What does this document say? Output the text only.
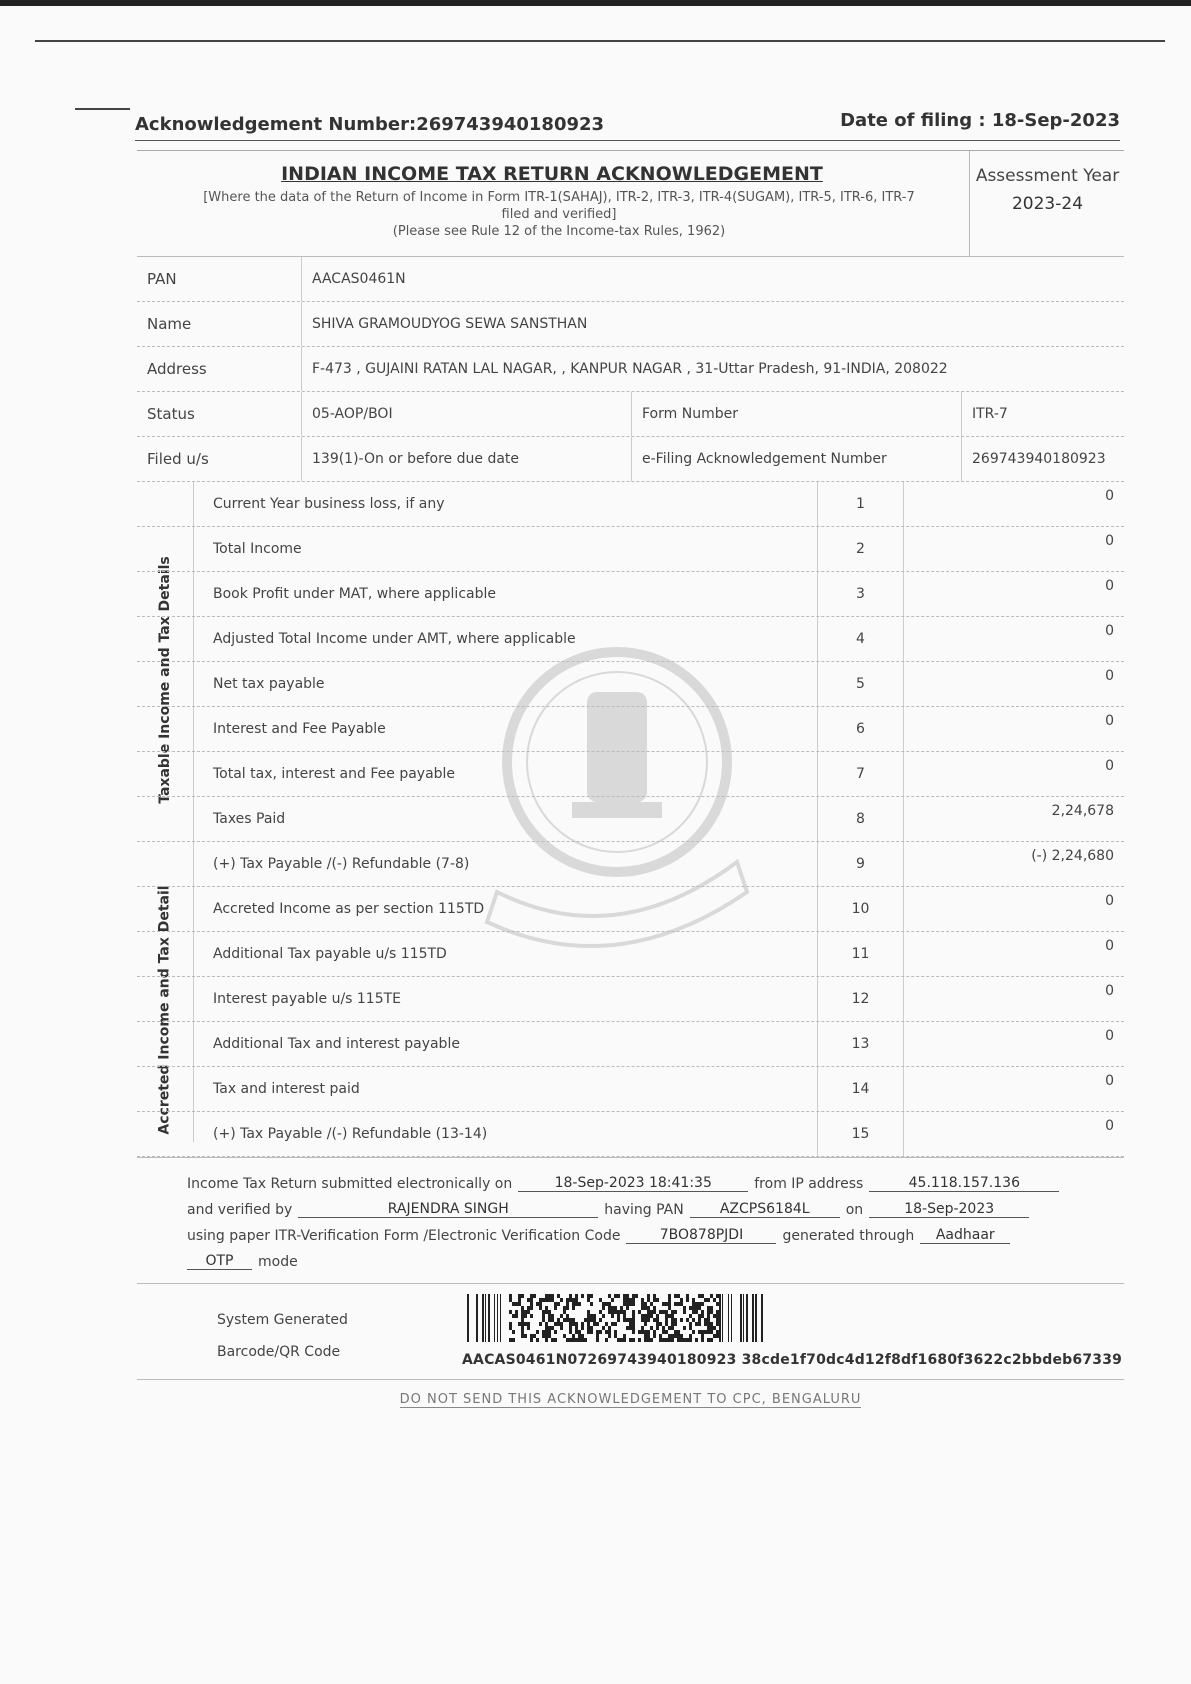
Acknowledgement Number:269743940180923	Date of filing : 18-Sep-2023
INDIAN INCOME TAX RETURN ACKNOWLEDGEMENT
[Where the data of the Return of Income in Form ITR-1(SAHAJ), ITR-2, ITR-3, ITR-4(SUGAM), ITR-5, ITR-6, ITR-7
filed and verified]
(Please see Rule 12 of the Income-tax Rules, 1962)
Assessment Year
2023-24
PAN	AACAS0461N
Name	SHIVA GRAMOUDYOG SEWA SANSTHAN
Address	F-473 , GUJAINI RATAN LAL NAGAR, , KANPUR NAGAR , 31-Uttar Pradesh, 91-INDIA, 208022
Status	05-AOP/BOI	Form Number	ITR-7
Filed u/s	139(1)-On or before due date	e-Filing Acknowledgement Number	269743940180923
Taxable Income and Tax Details
Accreted Income and Tax Detail
Current Year business loss, if any	1	0
Total Income	2	0
Book Profit under MAT, where applicable	3	0
Adjusted Total Income under AMT, where applicable	4	0
Net tax payable	5	0
Interest and Fee Payable	6	0
Total tax, interest and Fee payable	7	0
Taxes Paid	8	2,24,678
(+) Tax Payable /(-) Refundable (7-8)	9	(-) 2,24,680
Accreted Income as per section 115TD	10	0
Additional Tax payable u/s 115TD	11	0
Interest payable u/s 115TE	12	0
Additional Tax and interest payable	13	0
Tax and interest paid	14	0
(+) Tax Payable /(-) Refundable (13-14)	15	0
Income Tax Return submitted electronically on	18-Sep-2023 18:41:35	from IP address	45.118.157.136
and verified by	RAJENDRA SINGH	having PAN	AZCPS6184L	on	18-Sep-2023
using paper ITR-Verification Form /Electronic Verification Code	7BO878PJDI	generated through	Aadhaar
OTP	mode
System Generated
Barcode/QR Code	AACAS0461N07269743940180923 38cde1f70dc4d12f8df1680f3622c2bbdeb67339
DO NOT SEND THIS ACKNOWLEDGEMENT TO CPC, BENGALURU
